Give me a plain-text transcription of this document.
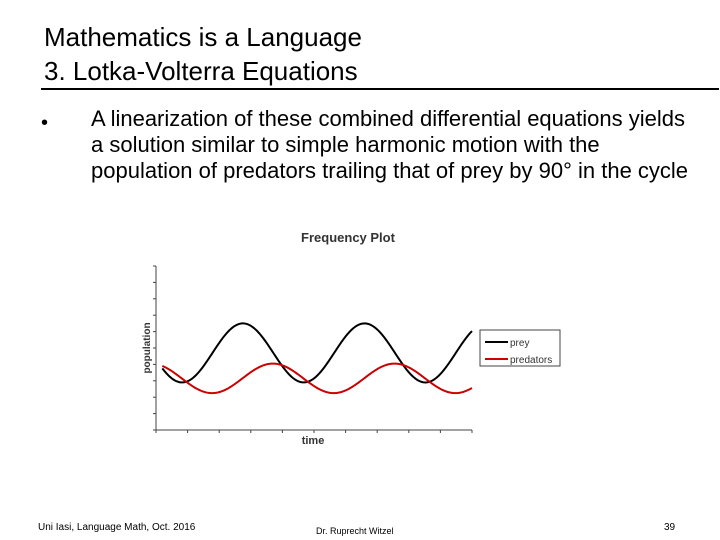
Mathematics is a Language
3. Lotka-Volterra Equations
• A linearization of these combined differential equations yields a solution similar to simple harmonic motion with the population of predators trailing that of prey by 90° in the cycle
Frequency Plot
population
time
prey
predators
Uni Iasi, Language Math, Oct. 2016	Dr. Ruprecht Witzel	39
